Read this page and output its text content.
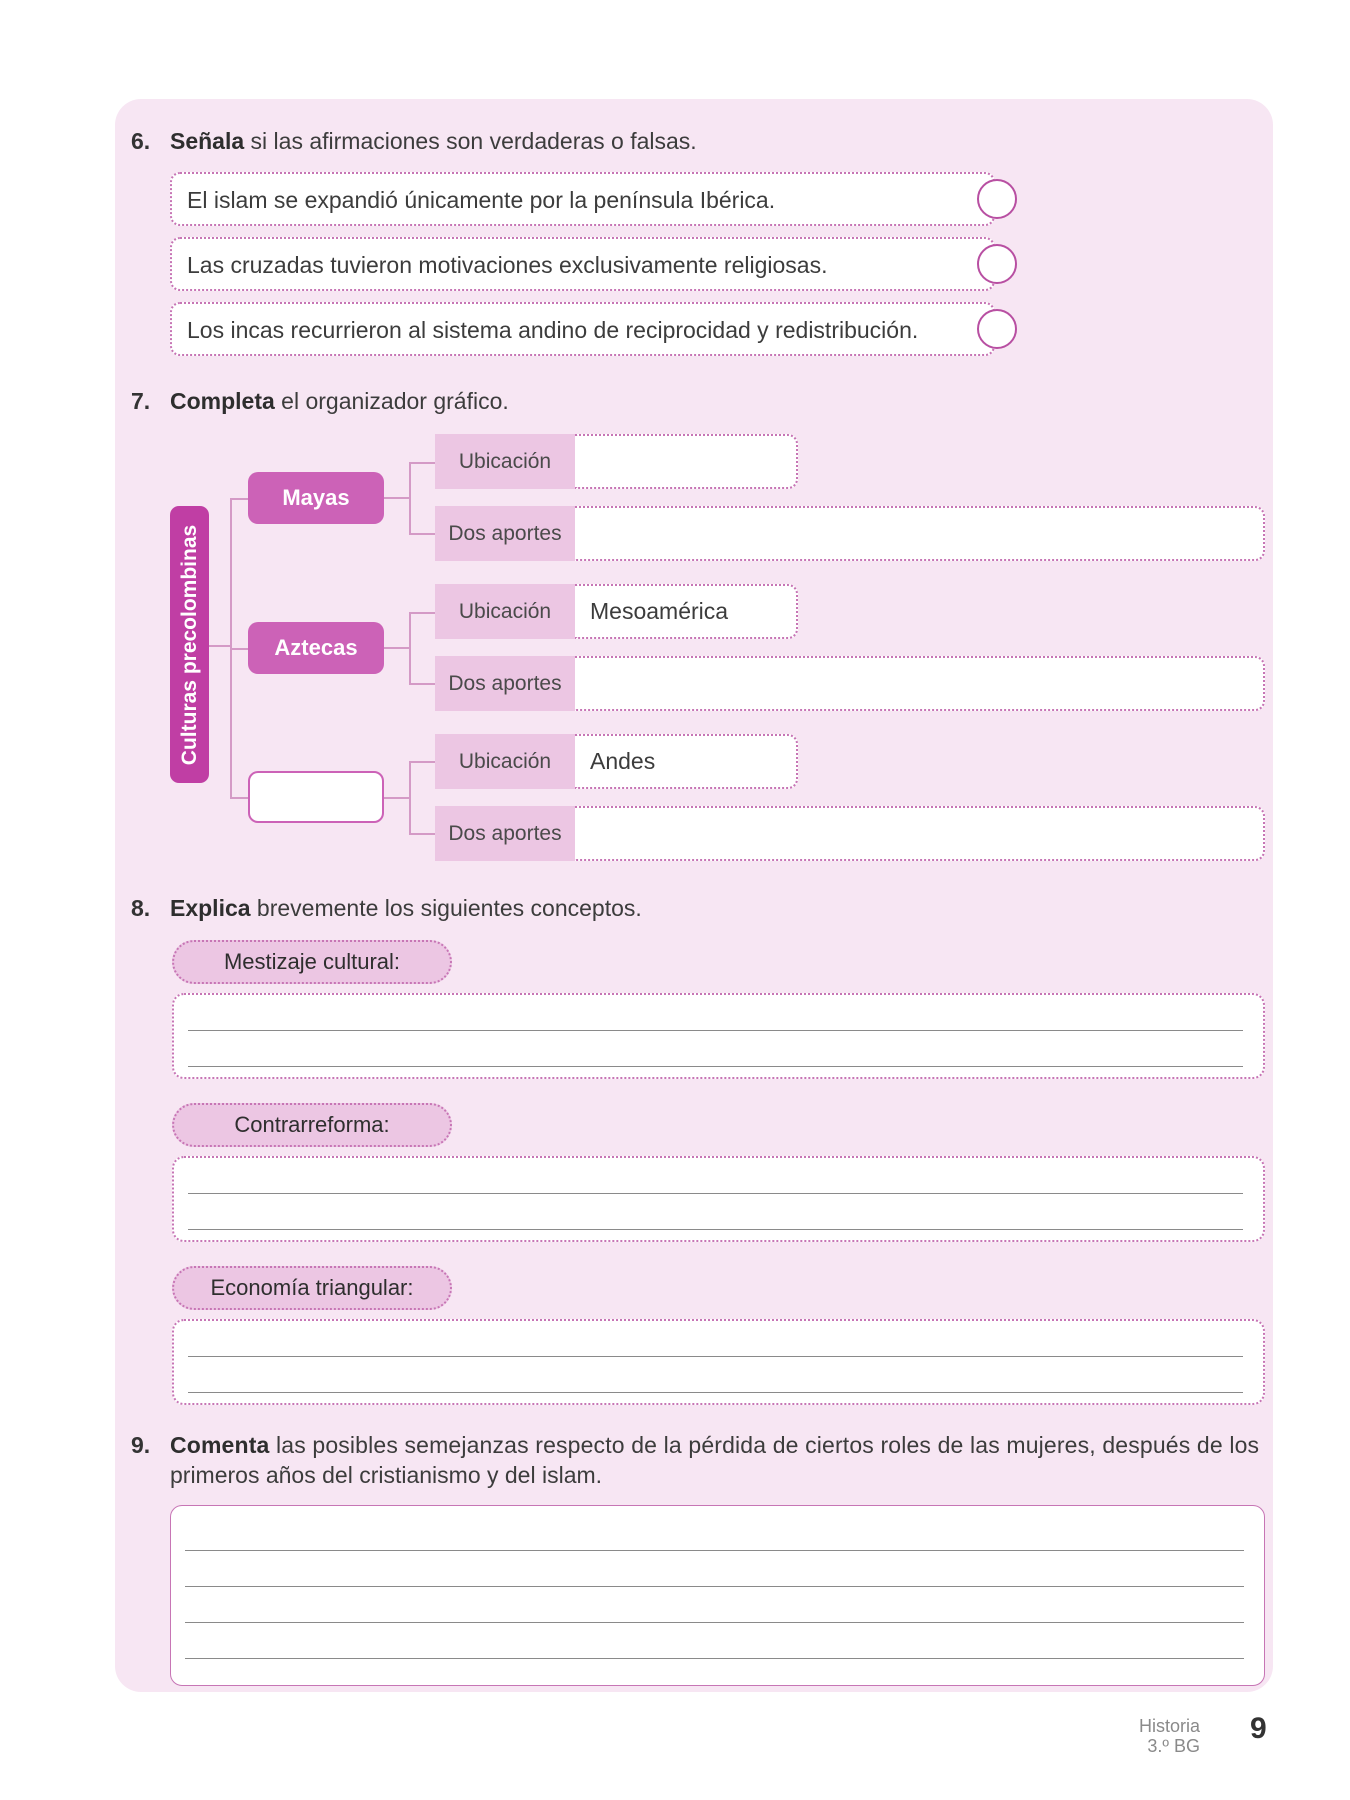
6. Señala si las afirmaciones son verdaderas o falsas.
El islam se expandió únicamente por la península Ibérica.
Las cruzadas tuvieron motivaciones exclusivamente religiosas.
Los incas recurrieron al sistema andino de reciprocidad y redistribución.
7. Completa el organizador gráfico.
Culturas precolombinas
Mayas
Ubicación
Dos aportes
Aztecas
Ubicación	Mesoamérica
Dos aportes
Ubicación	Andes
Dos aportes
8. Explica brevemente los siguientes conceptos.
Mestizaje cultural:
Contrarreforma:
Economía triangular:
9. Comenta las posibles semejanzas respecto de la pérdida de ciertos roles de las mujeres, después de los
primeros años del cristianismo y del islam.
Historia
3.º BG
9
